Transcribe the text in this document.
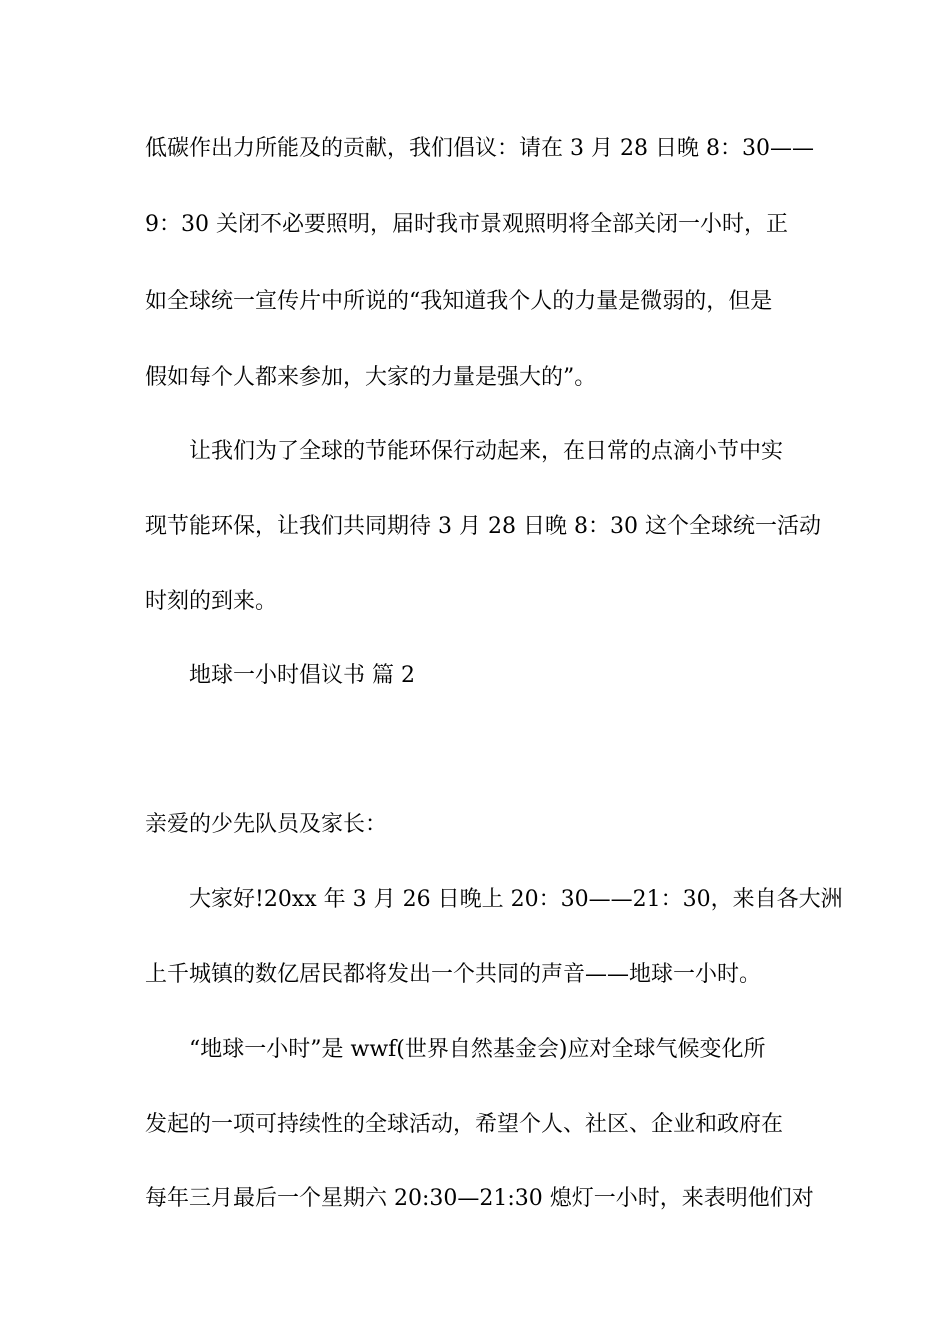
低碳作出力所能及的贡献，我们倡议：请在 3 月 28 日晚 8：30——
9：30 关闭不必要照明，届时我市景观照明将全部关闭一小时，正
如全球统一宣传片中所说的“我知道我个人的力量是微弱的，但是
假如每个人都来参加，大家的力量是强大的”。
让我们为了全球的节能环保行动起来，在日常的点滴小节中实
现节能环保，让我们共同期待 3 月 28 日晚 8：30 这个全球统一活动
时刻的到来。
地球一小时倡议书 篇 2
亲爱的少先队员及家长：
大家好!20xx 年 3 月 26 日晚上 20：30——21：30，来自各大洲
上千城镇的数亿居民都将发出一个共同的声音——地球一小时。
“地球一小时”是 wwf(世界自然基金会)应对全球气候变化所
发起的一项可持续性的全球活动，希望个人、社区、企业和政府在
每年三月最后一个星期六 20:30—21:30 熄灯一小时，来表明他们对
